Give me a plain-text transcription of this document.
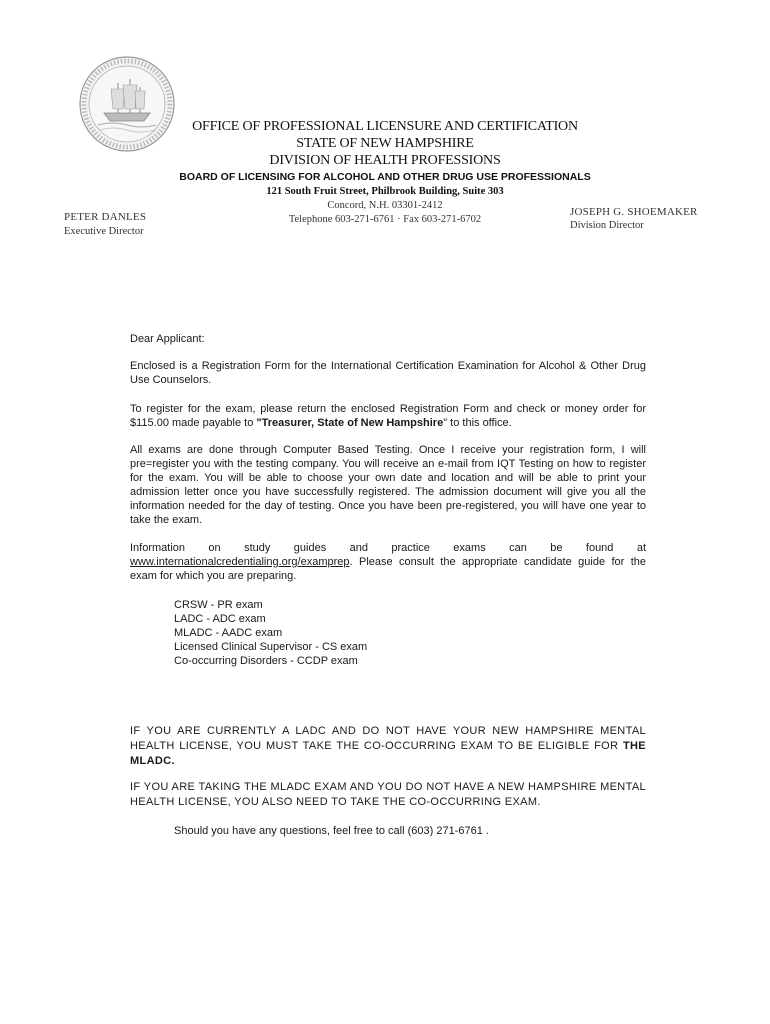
OFFICE OF PROFESSIONAL LICENSURE AND CERTIFICATION
STATE OF NEW HAMPSHIRE
DIVISION OF HEALTH PROFESSIONS
BOARD OF LICENSING FOR ALCOHOL AND OTHER DRUG USE PROFESSIONALS
121 South Fruit Street, Philbrook Building, Suite 303
Concord, N.H. 03301-2412
Telephone 603-271-6761 · Fax 603-271-6702
PETER DANLES
Executive Director
JOSEPH G. SHOEMAKER
Division Director
Dear Applicant:
Enclosed is a Registration Form for the International Certification Examination for Alcohol & Other Drug Use Counselors.
To register for the exam, please return the enclosed Registration Form and check or money order for $115.00 made payable to "Treasurer, State of New Hampshire" to this office.
All exams are done through Computer Based Testing. Once I receive your registration form, I will pre=register you with the testing company. You will receive an e-mail from IQT Testing on how to register for the exam. You will be able to choose your own date and location and will be able to print your admission letter once you have successfully registered. The admission document will give you all the information needed for the day of testing. Once you have been pre-registered, you will have one year to take the exam.
Information on study guides and practice exams can be found at
www.internationalcredentialing.org/examprep. Please consult the appropriate candidate guide for the exam for which you are preparing.
CRSW - PR exam
LADC - ADC exam
MLADC - AADC exam
Licensed Clinical Supervisor - CS exam
Co-occurring Disorders - CCDP exam
IF YOU ARE CURRENTLY A LADC AND DO NOT HAVE YOUR NEW HAMPSHIRE MENTAL HEALTH LICENSE, YOU MUST TAKE THE CO-OCCURRING EXAM TO BE ELIGIBLE FOR THE MLADC.
IF YOU ARE TAKING THE MLADC EXAM AND YOU DO NOT HAVE A NEW HAMPSHIRE MENTAL HEALTH LICENSE, YOU ALSO NEED TO TAKE THE CO-OCCURRING EXAM.
Should you have any questions, feel free to call (603) 271-6761 .
